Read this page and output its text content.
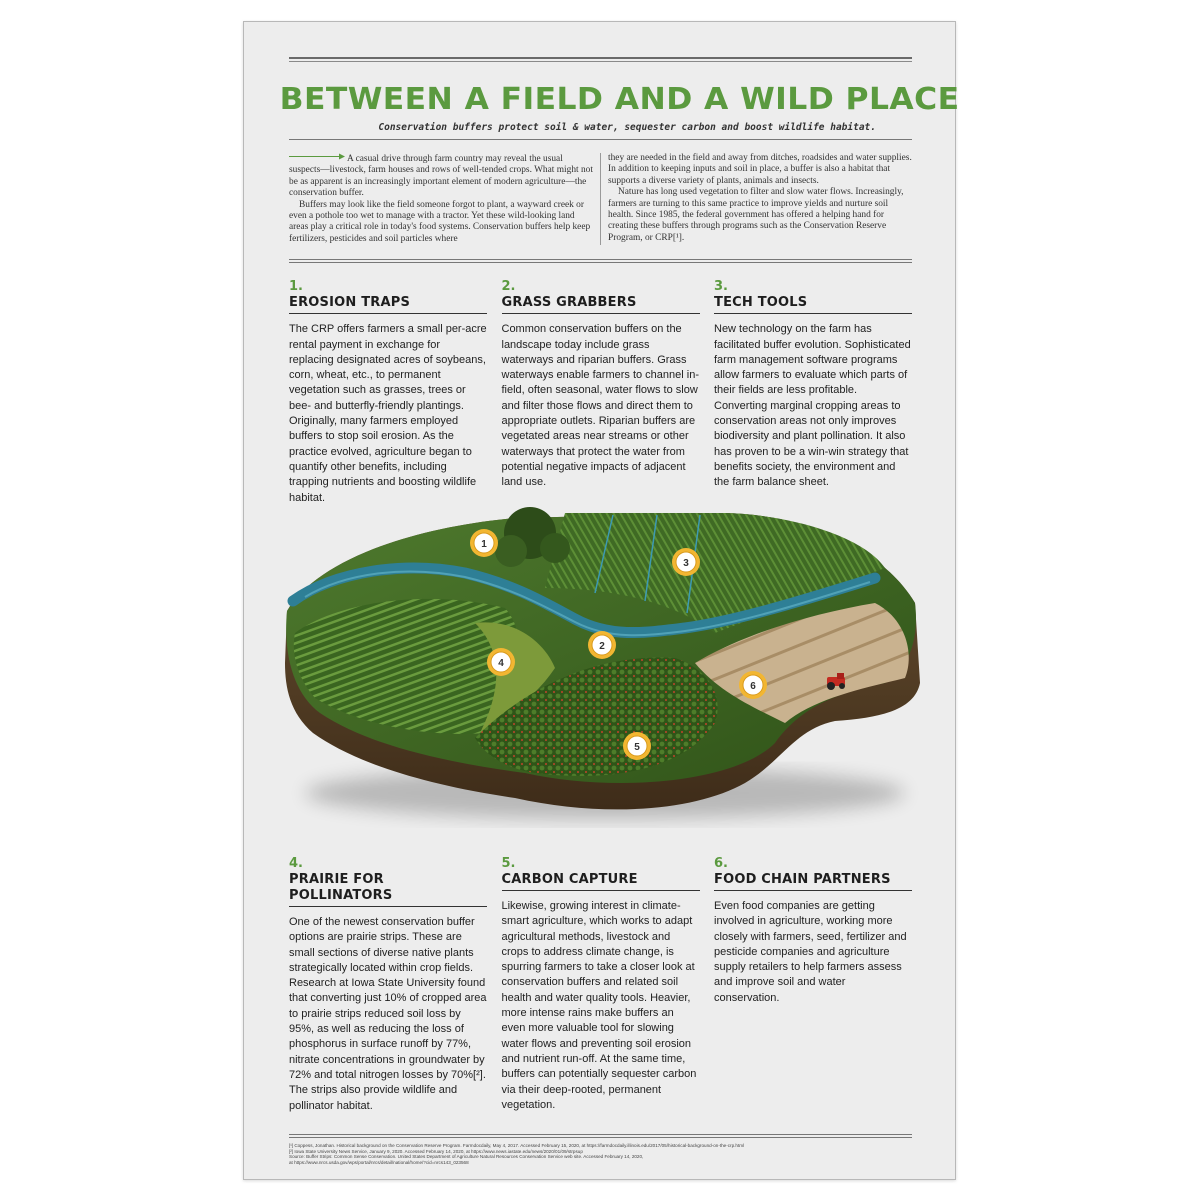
BETWEEN A FIELD AND A WILD PLACE
Conservation buffers protect soil & water, sequester carbon and boost wildlife habitat.

A casual drive through farm country may reveal the usual suspects—livestock, farm houses and rows of well-tended crops. What might not be as apparent is an increasingly important element of modern agriculture—the conservation buffer.

Buffers may look like the field someone forgot to plant, a wayward creek or even a pothole too wet to manage with a tractor. Yet these wild-looking land areas play a critical role in today's food systems. Conservation buffers help keep fertilizers, pesticides and soil particles where

they are needed in the field and away from ditches, roadsides and water supplies. In addition to keeping inputs and soil in place, a buffer is also a habitat that supports a diverse variety of plants, animals and insects.

Nature has long used vegetation to filter and slow water flows. Increasingly, farmers are turning to this same practice to improve yields and nurture soil health. Since 1985, the federal government has offered a helping hand for creating these buffers through programs such as the Conservation Reserve Program, or CRP[¹].

1.
EROSION TRAPS
The CRP offers farmers a small per-acre rental payment in exchange for replacing designated acres of soybeans, corn, wheat, etc., to permanent vegetation such as grasses, trees or bee- and butterfly-friendly plantings. Originally, many farmers employed buffers to stop soil erosion. As the practice evolved, agriculture began to quantify other benefits, including trapping nutrients and boosting wildlife habitat.
2.
GRASS GRABBERS
Common conservation buffers on the landscape today include grass waterways and riparian buffers. Grass waterways enable farmers to channel in-field, often seasonal, water flows to slow and filter those flows and direct them to appropriate outlets. Riparian buffers are vegetated areas near streams or other waterways that protect the water from potential negative impacts of adjacent land use.
3.
TECH TOOLS
New technology on the farm has facilitated buffer evolution. Sophisticated farm management software programs allow farmers to evaluate which parts of their fields are less profitable. Converting marginal cropping areas to conservation areas not only improves biodiversity and plant pollination. It also has proven to be a win-win strategy that benefits society, the environment and the farm balance sheet.
4.
PRAIRIE FOR POLLINATORS
One of the newest conservation buffer options are prairie strips. These are small sections of diverse native plants strategically located within crop fields. Research at Iowa State University found that converting just 10% of cropped area to prairie strips reduced soil loss by 95%, as well as reducing the loss of phosphorus in surface runoff by 77%, nitrate concentrations in groundwater by 72% and total nitrogen losses by 70%[²]. The strips also provide wildlife and pollinator habitat.
5.
CARBON CAPTURE
Likewise, growing interest in climate-smart agriculture, which works to adapt agricultural methods, livestock and crops to address climate change, is spurring farmers to take a closer look at conservation buffers and related soil health and water quality tools. Heavier, more intense rains make buffers an even more valuable tool for slowing water flows and preventing soil erosion and nutrient run-off. At the same time, buffers can potentially sequester carbon via their deep-rooted, permanent vegetation.
6.
FOOD CHAIN PARTNERS
Even food companies are getting involved in agriculture, working more closely with farmers, seed, fertilizer and pesticide companies and agriculture supply retailers to help farmers assess and improve soil and water conservation.
[¹] Coppess, Jonathan. Historical background on the Conservation Reserve Program. Farmdocdaily, May 4, 2017. Accessed February 15, 2020, at https://farmdocdaily.illinois.edu/2017/05/historical-background-on-the-crp.html
[²] Iowa State University News Service, January 9, 2020. Accessed February 14, 2020, at https://www.news.iastate.edu/news/2020/01/09/strpsup
Source: Buffer Strips: Common Sense Conservation. United States Department of Agriculture Natural Resources Conservation Service web site. Accessed February 14, 2020,
at https://www.nrcs.usda.gov/wps/portal/nrcs/detail/national/home/?cid=nrcs143_023568
1
2
3
4
5
6
